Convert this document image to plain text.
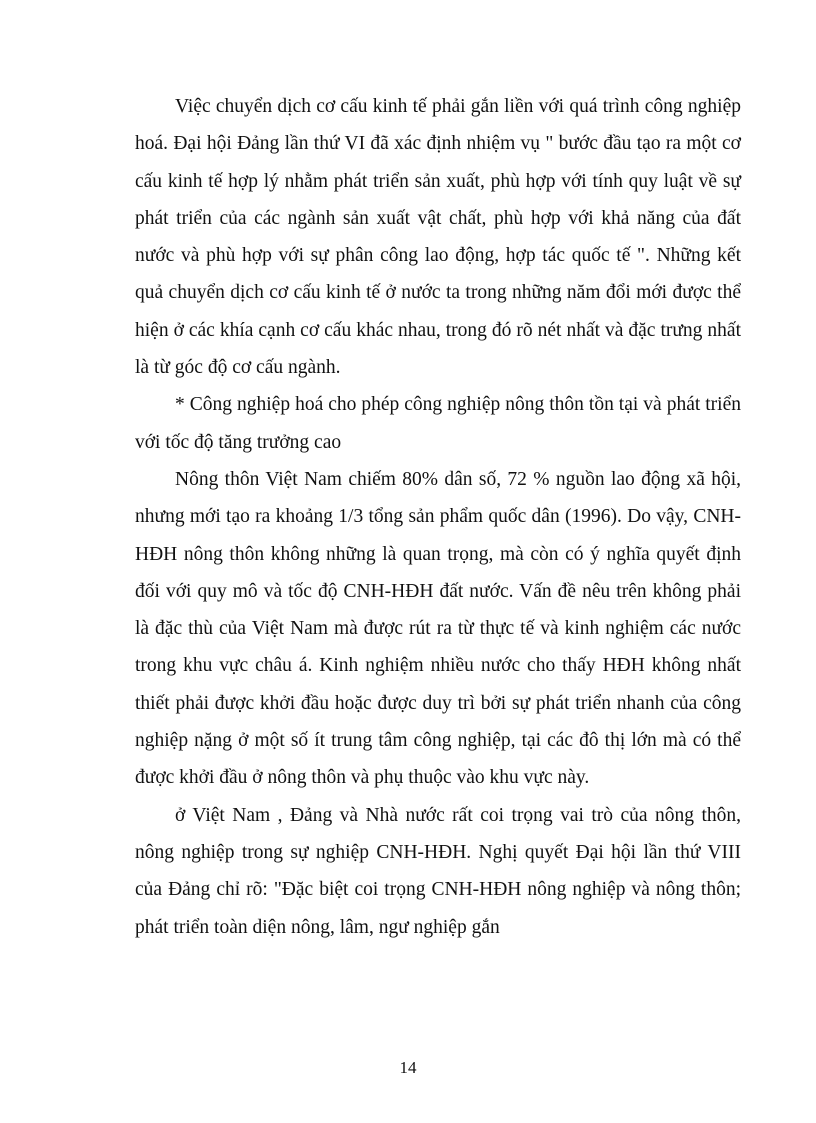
Việc chuyển dịch cơ cấu kinh tế phải gắn liền với quá trình công nghiệp hoá. Đại hội Đảng lần thứ VI đã xác định nhiệm vụ " bước đầu tạo ra một cơ cấu kinh tế hợp lý nhằm phát triển sản xuất, phù hợp với tính quy luật về sự phát triển của các ngành sản xuất vật chất, phù hợp với khả năng của đất nước và phù hợp với sự phân công lao động, hợp tác quốc tế ". Những kết quả chuyển dịch cơ cấu kinh tế ở nước ta trong những năm đổi mới được thể hiện ở các khía cạnh cơ cấu khác nhau, trong đó rõ nét nhất và đặc trưng nhất là từ góc độ cơ cấu ngành.

* Công nghiệp hoá cho phép công nghiệp nông thôn tồn tại và phát triển với tốc độ tăng trưởng cao

Nông thôn Việt Nam chiếm 80% dân số, 72 % nguồn lao động xã hội, nhưng mới tạo ra khoảng 1/3 tổng sản phẩm quốc dân (1996). Do vậy, CNH-HĐH nông thôn không những là quan trọng, mà còn có ý nghĩa quyết định đối với quy mô và tốc độ CNH-HĐH đất nước. Vấn đề nêu trên không phải là đặc thù của Việt Nam mà được rút ra từ thực tế và kinh nghiệm các nước trong khu vực châu á. Kinh nghiệm nhiều nước cho thấy HĐH không nhất thiết phải được khởi đầu hoặc được duy trì bởi sự phát triển nhanh của công nghiệp nặng ở một số ít trung tâm công nghiệp, tại các đô thị lớn mà có thể được khởi đầu ở nông thôn và phụ thuộc vào khu vực này.

ở Việt Nam , Đảng và Nhà nước rất coi trọng vai trò của nông thôn, nông nghiệp trong sự nghiệp CNH-HĐH. Nghị quyết Đại hội lần thứ VIII của Đảng chỉ rõ: "Đặc biệt coi trọng CNH-HĐH nông nghiệp và nông thôn; phát triển toàn diện nông, lâm, ngư nghiệp gắn

14
